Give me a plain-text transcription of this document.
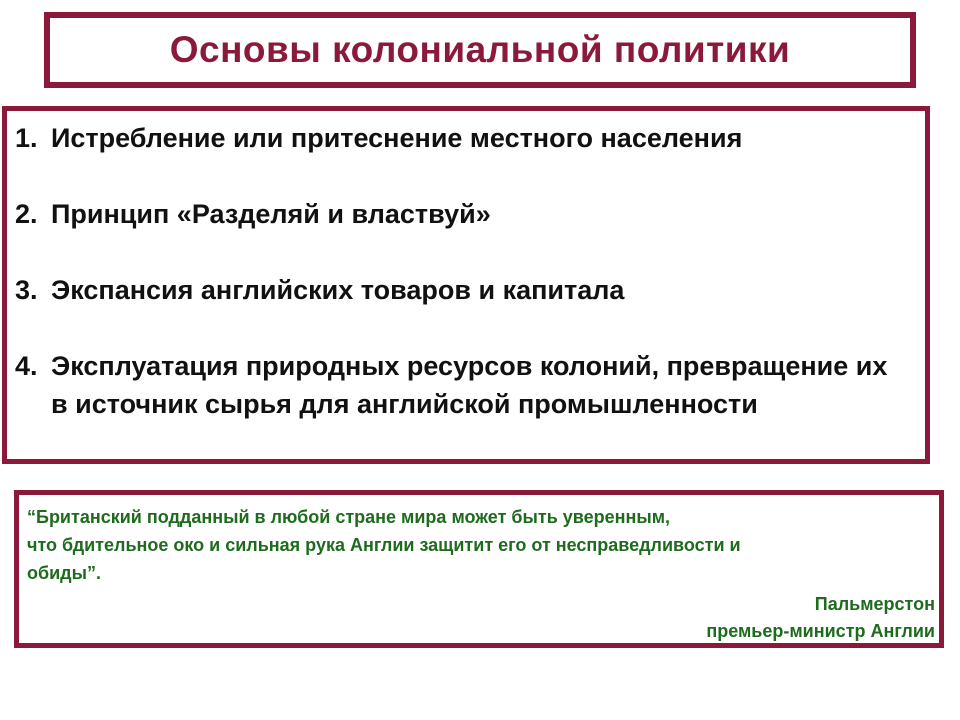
Основы колониальной политики
1. Истребление или притеснение местного населения
2. Принцип «Разделяй и властвуй»
3. Экспансия английских товаров и капитала
4. Эксплуатация природных ресурсов колоний, превращение их в источник сырья для английской промышленности
“Британский подданный в любой стране мира может быть уверенным,
что бдительное око и сильная рука Англии защитит его от несправедливости и
обиды”.
Пальмерстон
премьер-министр Англии
